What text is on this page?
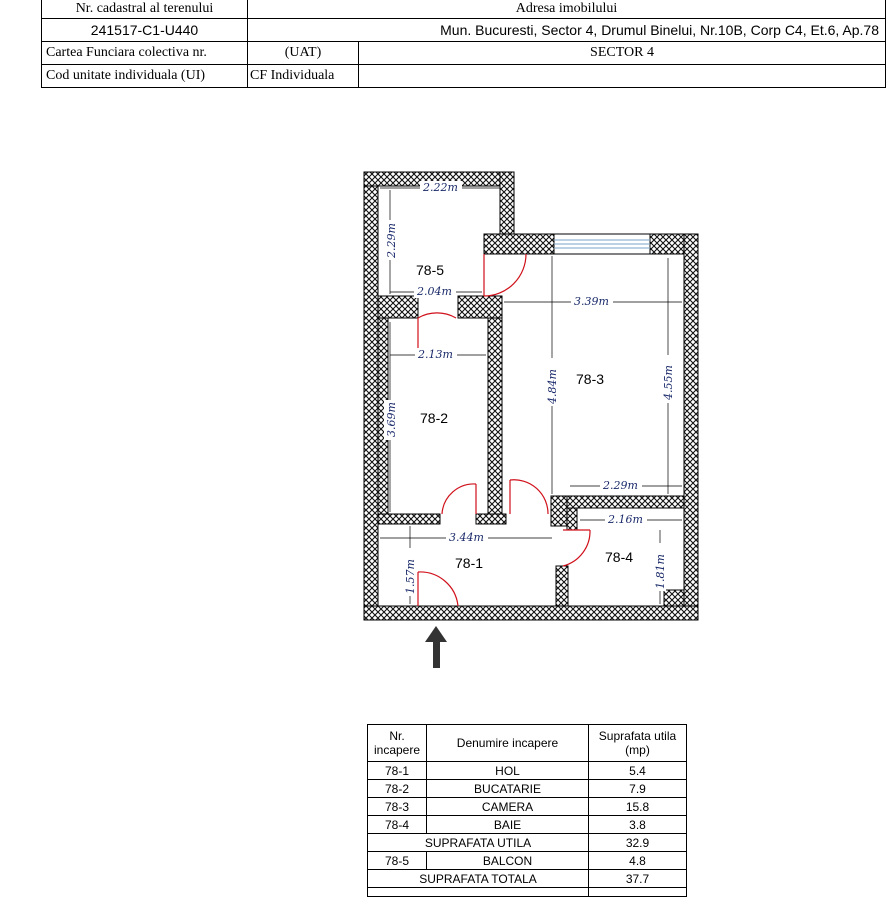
Nr. cadastral al terenului	Adresa imobilului	
241517-C1-U440	Mun. Bucuresti, Sector 4, Drumul Binelui, Nr.10B, Corp C4, Et.6, Ap.78	
Cartea Funciara colectiva nr.	(UAT)	SECTOR 4
Cod unitate individuala (UI)	CF Individuala	
2.22m
2.29m
2.04m
3.39m
2.13m
4.84m	4.55m
3.69m
2.29m
2.16m
3.44m
1.57m	1.81m
78-5
78-2
78-3
78-1	78-4
Nr. incapere	Denumire incapere	Suprafata utila (mp)
78-1	HOL	5.4
78-2	BUCATARIE	7.9
78-3	CAMERA	15.8
78-4	BAIE	3.8
SUPRAFATA UTILA		32.9
78-5	BALCON	4.8
SUPRAFATA TOTALA		37.7
